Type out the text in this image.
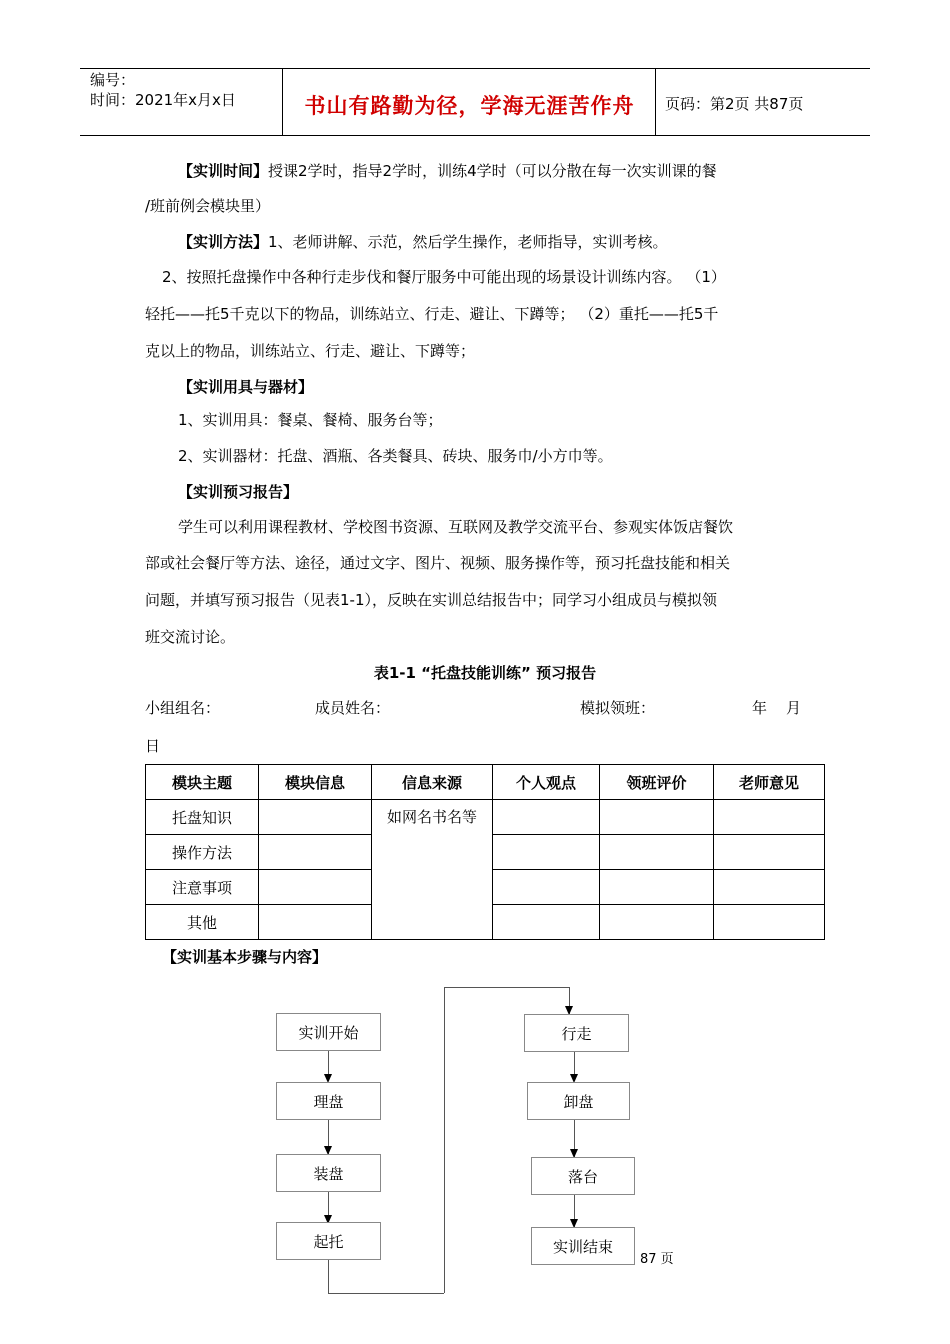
编号：
时间：2021年x月x日	书山有路勤为径，学海无涯苦作舟	页码：第2页 共87页
【实训时间】授课2学时，指导2学时，训练4学时（可以分散在每一次实训课的餐
/班前例会模块里）
【实训方法】1、老师讲解、示范，然后学生操作，老师指导，实训考核。
2、按照托盘操作中各种行走步伐和餐厅服务中可能出现的场景设计训练内容。 （1）
轻托——托5千克以下的物品，训练站立、行走、避让、下蹲等； （2）重托——托5千
克以上的物品，训练站立、行走、避让、下蹲等；
【实训用具与器材】
1、实训用具：餐桌、餐椅、服务台等；
2、实训器材：托盘、酒瓶、各类餐具、砖块、服务巾/小方巾等。
【实训预习报告】
学生可以利用课程教材、学校图书资源、互联网及教学交流平台、参观实体饭店餐饮
部或社会餐厅等方法、途径，通过文字、图片、视频、服务操作等，预习托盘技能和相关
问题，并填写预习报告（见表1-1），反映在实训总结报告中；同学习小组成员与模拟领
班交流讨论。
表1-1 “托盘技能训练” 预习报告
小组组名：	成员姓名：	模拟领班：	年 月
日
模块主题	模块信息	信息来源	个人观点	领班评价	老师意见
托盘知识		如网名书名等			
操作方法					
注意事项					
其他					
【实训基本步骤与内容】
实训开始
理盘
装盘
起托
行走
卸盘
落台
实训结束
87 页
